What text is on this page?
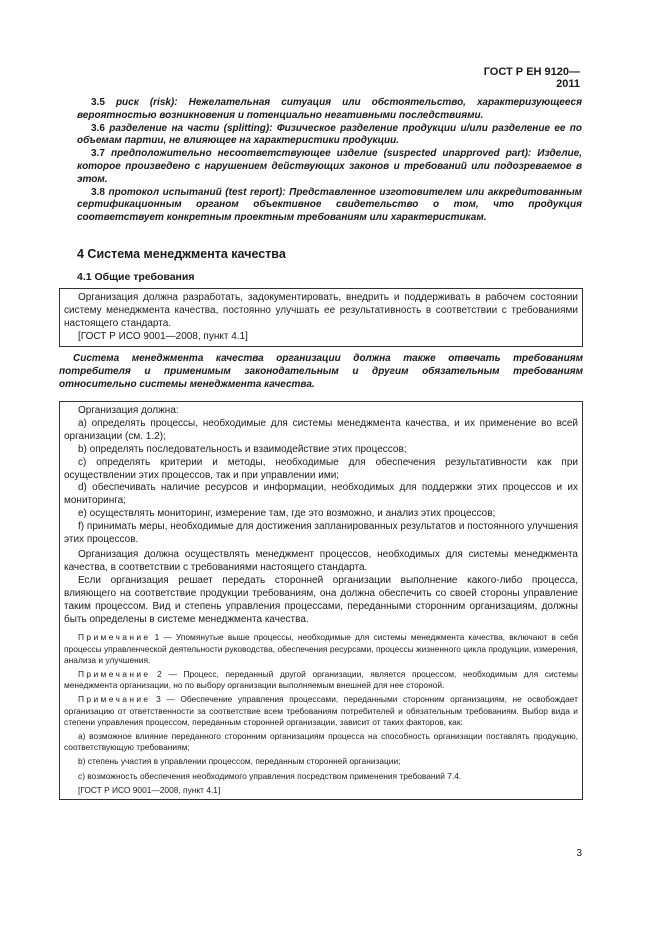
ГОСТ Р ЕН 9120—2011

3.5 риск (risk): Нежелательная ситуация или обстоятельство, характеризующееся вероятностью возникновения и потенциально негативными последствиями.

3.6 разделение на части (splitting): Физическое разделение продукции и/или разделение ее по объемам партии, не влияющее на характеристики продукции.

3.7 предположительно несоответствующее изделие (suspected unapproved part): Изделие, которое произведено с нарушением действующих законов и требований или подозреваемое в этом.

3.8 протокол испытаний (test report): Представленное изготовителем или аккредитованным сертификационным органом объективное свидетельство о том, что продукция соответствует конкретным проектным требованиям или характеристикам.

4 Система менеджмента качества
4.1 Общие требования

Организация должна разработать, задокументировать, внедрить и поддерживать в рабочем состоянии систему менеджмента качества, постоянно улучшать ее результативность в соответствии с требованиями настоящего стандарта.

[ГОСТ Р ИСО 9001—2008, пункт 4.1]

Система менеджмента качества организации должна также отвечать требованиям потребителя и применимым законодательным и другим обязательным требованиям относительно системы менеджмента качества.

Организация должна:

а) определять процессы, необходимые для системы менеджмента качества, и их применение во всей организации (см. 1.2);

b) определять последовательность и взаимодействие этих процессов;

c) определять критерии и методы, необходимые для обеспечения результативности как при осуществлении этих процессов, так и при управлении ими;

d) обеспечивать наличие ресурсов и информации, необходимых для поддержки этих процессов и их мониторинга;

e) осуществлять мониторинг, измерение там, где это возможно, и анализ этих процессов;

f) принимать меры, необходимые для достижения запланированных результатов и постоянного улучшения этих процессов.

Организация должна осуществлять менеджмент процессов, необходимых для системы менеджмента качества, в соответствии с требованиями настоящего стандарта.

Если организация решает передать сторонней организации выполнение какого-либо процесса, влияющего на соответствие продукции требованиям, она должна обеспечить со своей стороны управление таким процессом. Вид и степень управления процессами, переданными сторонним организациям, должны быть определены в системе менеджмента качества.

Примечание 1 — Упомянутые выше процессы, необходимые для системы менеджмента качества, включают в себя процессы управленческой деятельности руководства, обеспечения ресурсами, процессы жизненного цикла продукции, измерения, анализа и улучшения.

Примечание 2 — Процесс, переданный другой организации, является процессом, необходимым для системы менеджмента организации, но по выбору организации выполняемым внешней для нее стороной.

Примечание 3 — Обеспечение управления процессами, переданными сторонним организациям, не освобождает организацию от ответственности за соответствие всем требованиям потребителей и обязательным требованиям. Выбор вида и степени управления процессом, переданным сторонней организации, зависит от таких факторов, как:

а) возможное влияние переданного сторонним организациям процесса на способность организации поставлять продукцию, соответствующую требованиям;

b) степень участия в управлении процессом, переданным сторонней организации;

c) возможность обеспечения необходимого управления посредством применения требований 7.4.

[ГОСТ Р ИСО 9001—2008, пункт 4.1]

3
